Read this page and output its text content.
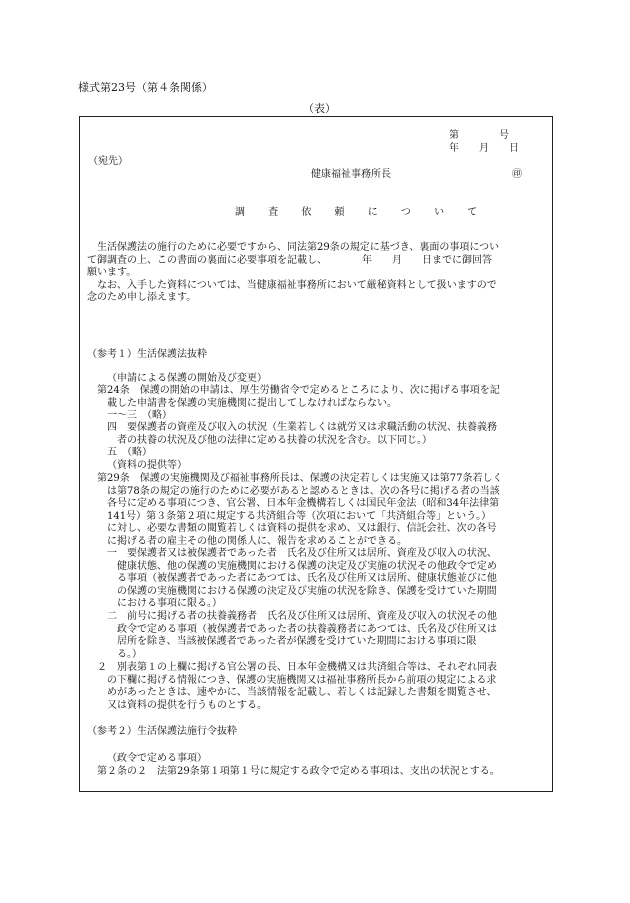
様式第23号（第４条関係）
（表）
第　　　　号
年　　月　　日
（宛先）
健康福祉事務所長	㊞
調 査 依 頼 に つ い て
　生活保護法の施行のために必要ですから、同法第29条の規定に基づき、裏面の事項につい
て御調査の上、この書面の裏面に必要事項を記載し、　　　　年　　月　　日までに御回答
願います。
　なお、入手した資料については、当健康福祉事務所において厳秘資料として扱いますので
念のため申し添えます。
（参考１）生活保護法抜粋
（申請による保護の開始及び変更）
第24条　保護の開始の申請は、厚生労働省令で定めるところにより、次に掲げる事項を記
　載した申請書を保護の実施機関に提出してしなければならない。
一～三　（略）
四　要保護者の資産及び収入の状況（生業若しくは就労又は求職活動の状況、扶養義務
　者の扶養の状況及び他の法律に定める扶養の状況を含む。以下同じ。）
五　（略）
（資料の提供等）
第29条　保護の実施機関及び福祉事務所長は、保護の決定若しくは実施又は第77条若しく
　は第78条の規定の施行のために必要があると認めるときは、次の各号に掲げる者の当該
　各号に定める事項につき、官公署、日本年金機構若しくは国民年金法（昭和34年法律第
　141号）第３条第２項に規定する共済組合等（次項において「共済組合等」という。）
　に対し、必要な書類の閲覧若しくは資料の提供を求め、又は銀行、信託会社、次の各号
　に掲げる者の雇主その他の関係人に、報告を求めることができる。
一　要保護者又は被保護者であった者　氏名及び住所又は居所、資産及び収入の状況、
　健康状態、他の保護の実施機関における保護の決定及び実施の状況その他政令で定め
　る事項（被保護者であった者にあつては、氏名及び住所又は居所、健康状態並びに他
　の保護の実施機関における保護の決定及び実施の状況を除き、保護を受けていた期間
　における事項に限る。）
二　前号に掲げる者の扶養義務者　氏名及び住所又は居所、資産及び収入の状況その他
　政令で定める事項（被保護者であった者の扶養義務者にあつては、氏名及び住所又は
　居所を除き、当該被保護者であった者が保護を受けていた期間における事項に限
　る。）
２　別表第１の上欄に掲げる官公署の長、日本年金機構又は共済組合等は、それぞれ同表
　の下欄に掲げる情報につき、保護の実施機関又は福祉事務所長から前項の規定による求
　めがあったときは、速やかに、当該情報を記載し、若しくは記録した書類を閲覧させ、
　又は資料の提供を行うものとする。
（参考２）生活保護法施行令抜粋
（政令で定める事項）
第２条の２　法第29条第１項第１号に規定する政令で定める事項は、支出の状況とする。
